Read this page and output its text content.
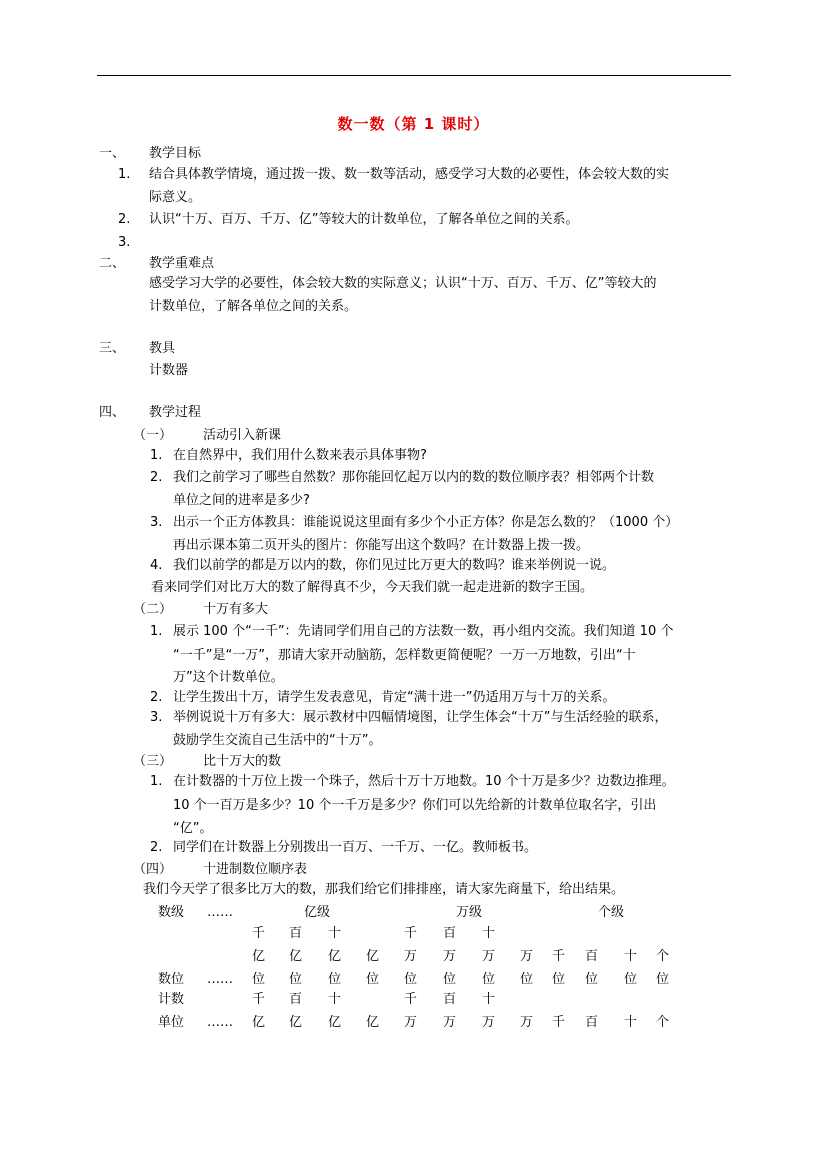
数一数（第 1 课时）
一、 教学目标
1. 结合具体教学情境，通过拨一拨、数一数等活动，感受学习大数的必要性，体会较大数的实
际意义。
2. 认识“十万、百万、千万、亿”等较大的计数单位，了解各单位之间的关系。
3.
二、 教学重难点
感受学习大学的必要性，体会较大数的实际意义；认识“十万、百万、千万、亿”等较大的
计数单位，了解各单位之间的关系。
三、 教具
计数器
四、 教学过程
（一） 活动引入新课
1. 在自然界中，我们用什么数来表示具体事物?
2. 我们之前学习了哪些自然数？那你能回忆起万以内的数的数位顺序表？相邻两个计数
单位之间的进率是多少?
3. 出示一个正方体教具：谁能说说这里面有多少个小正方体？你是怎么数的？（1000 个）
再出示课本第二页开头的图片：你能写出这个数吗？在计数器上拨一拨。
4. 我们以前学的都是万以内的数，你们见过比万更大的数吗？谁来举例说一说。
（二） 十万有多大
1. 展示 100 个“一千”：先请同学们用自己的方法数一数，再小组内交流。我们知道 10 个
“一千”是“一万”，那请大家开动脑筋，怎样数更简便呢？一万一万地数，引出“十
万”这个计数单位。
2. 让学生拨出十万，请学生发表意见，肯定“满十进一”仍适用万与十万的关系。
3. 举例说说十万有多大：展示教材中四幅情境图，让学生体会“十万”与生活经验的联系，
鼓励学生交流自己生活中的“十万”。
（三） 比十万大的数
1. 在计数器的十万位上拨一个珠子，然后十万十万地数。10 个十万是多少？边数边推理。
10 个一百万是多少？10 个一千万是多少？你们可以先给新的计数单位取名字，引出
“亿”。
2. 同学们在计数器上分别拨出一百万、一千万、一亿。教师板书。
（四） 十进制数位顺序表
看来同学们对比万大的数了解得真不少，今天我们就一起走进新的数字王国。
我们今天学了很多比万大的数，那我们给它们排排座，请大家先商量下，给出结果。
数级 ……	亿级	万级	个级
千 百 十	千 百 十
亿 亿 亿 亿 万 万 万 万 千 百 十 个
数位 …… 位 位 位 位 位 位 位 位 位 位 位 位
计数	千 百 十	千 百 十
单位 …… 亿 亿 亿 亿 万 万 万 万 千 百 十 个
